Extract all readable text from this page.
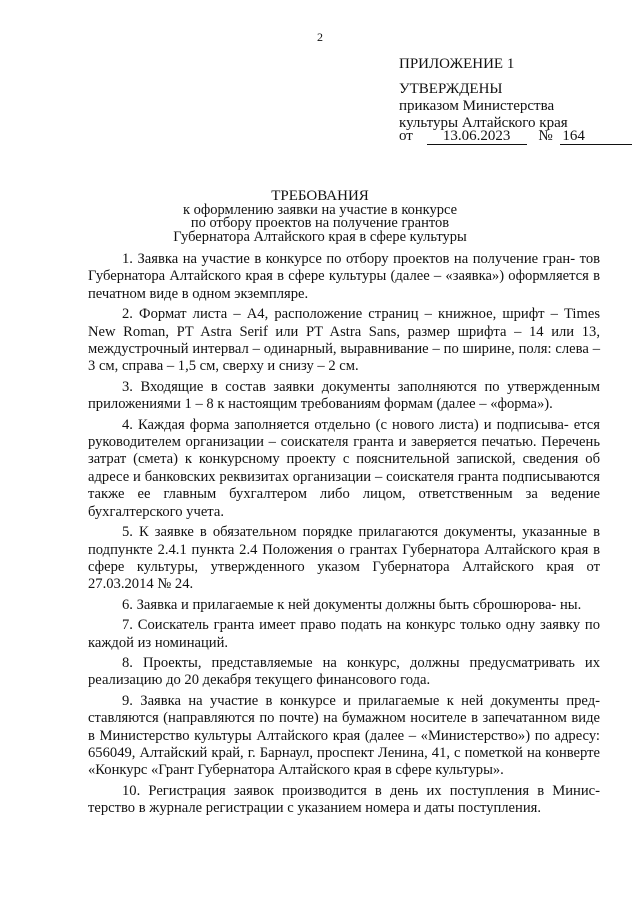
2
ПРИЛОЖЕНИЕ 1
УТВЕРЖДЕНЫ
приказом Министерства
культуры Алтайского края
от 13.06.2023 № 164
ТРЕБОВАНИЯ
к оформлению заявки на участие в конкурсе
по отбору проектов на получение грантов
Губернатора Алтайского края в сфере культуры

1. Заявка на участие в конкурсе по отбору проектов на получение гран- тов Губернатора Алтайского края в сфере культуры (далее – «заявка») оформляется в печатном виде в одном экземпляре.

2. Формат листа – А4, расположение страниц – книжное, шрифт – Times New Roman, PT Astra Serif или PT Astra Sans, размер шрифта – 14 или 13, междустрочный интервал – одинарный, выравнивание – по ширине, поля: слева – 3 см, справа – 1,5 см, сверху и снизу – 2 см.

3. Входящие в состав заявки документы заполняются по утвержденным приложениями 1 – 8 к настоящим требованиям формам (далее – «форма»).

4. Каждая форма заполняется отдельно (с нового листа) и подписыва- ется руководителем организации – соискателя гранта и заверяется печатью. Перечень затрат (смета) к конкурсному проекту с пояснительной запиской, сведения об адресе и банковских реквизитах организации – соискателя гранта подписываются также ее главным бухгалтером либо лицом, ответственным за ведение бухгалтерского учета.

5. К заявке в обязательном порядке прилагаются документы, указанные в подпункте 2.4.1 пункта 2.4 Положения о грантах Губернатора Алтайского края в сфере культуры, утвержденного указом Губернатора Алтайского края от 27.03.2014 № 24.

6. Заявка и прилагаемые к ней документы должны быть сброшюрова- ны.

7. Соискатель гранта имеет право подать на конкурс только одну заявку по каждой из номинаций.

8. Проекты, представляемые на конкурс, должны предусматривать их реализацию до 20 декабря текущего финансового года.

9. Заявка на участие в конкурсе и прилагаемые к ней документы пред- ставляются (направляются по почте) на бумажном носителе в запечатанном виде в Министерство культуры Алтайского края (далее – «Министерство») по адресу: 656049, Алтайский край, г. Барнаул, проспект Ленина, 41, с пометкой на конверте «Конкурс «Грант Губернатора Алтайского края в сфере культуры».

10. Регистрация заявок производится в день их поступления в Минис- терство в журнале регистрации с указанием номера и даты поступления.
